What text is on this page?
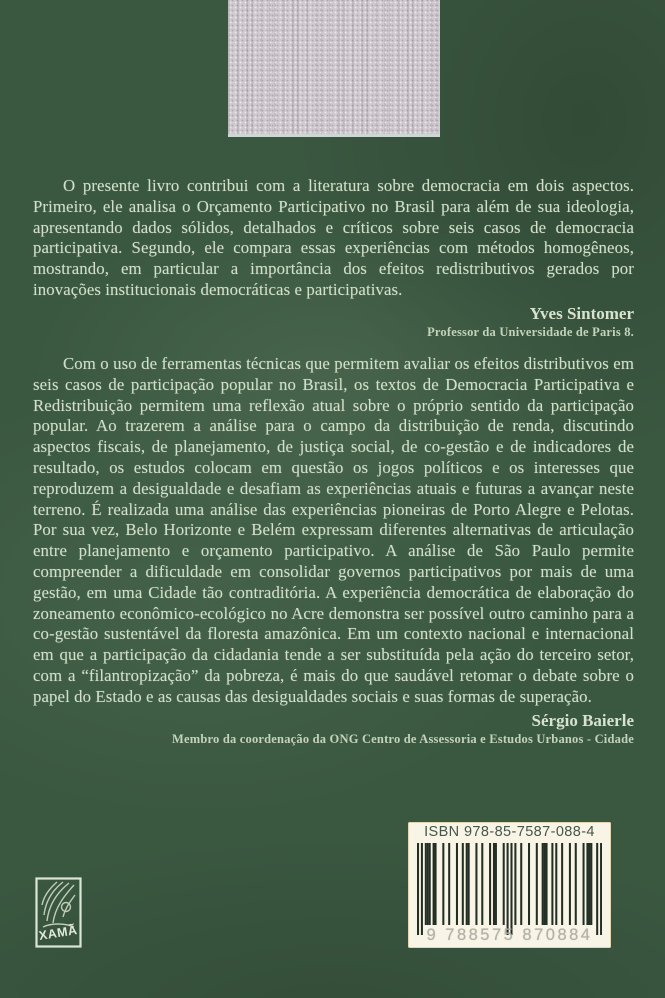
O presente livro contribui com a literatura sobre democracia em dois aspectos. Primeiro, ele analisa o Orçamento Participativo no Brasil para além de sua ideologia, apresentando dados sólidos, detalhados e críticos sobre seis casos de democracia participativa. Segundo, ele compara essas experiências com métodos homogêneos, mostrando, em particular a importância dos efeitos redistributivos gerados por inovações institucionais democráticas e participativas.

Yves Sintomer
Professor da Universidade de Paris 8.

Com o uso de ferramentas técnicas que permitem avaliar os efeitos distributivos em seis casos de participação popular no Brasil, os textos de Democracia Participativa e Redistribuição permitem uma reflexão atual sobre o próprio sentido da participação popular. Ao trazerem a análise para o campo da distribuição de renda, discutindo aspectos fiscais, de planejamento, de justiça social, de co-gestão e de indicadores de resultado, os estudos colocam em questão os jogos políticos e os interesses que reproduzem a desigualdade e desafiam as experiências atuais e futuras a avançar neste terreno. É realizada uma análise das experiências pioneiras de Porto Alegre e Pelotas. Por sua vez, Belo Horizonte e Belém expressam diferentes alternativas de articulação entre planejamento e orçamento participativo. A análise de São Paulo permite compreender a dificuldade em consolidar governos participativos por mais de uma gestão, em uma Cidade tão contraditória. A experiência democrática de elaboração do zoneamento econômico-ecológico no Acre demonstra ser possível outro caminho para a co-gestão sustentável da floresta amazônica. Em um contexto nacional e internacional em que a participação da cidadania tende a ser substituída pela ação do terceiro setor, com a “filantropização” da pobreza, é mais do que saudável retomar o debate sobre o papel do Estado e as causas das desigualdades sociais e suas formas de superação.

Sérgio Baierle
Membro da coordenação da ONG Centro de Assessoria e Estudos Urbanos - Cidade
XAMÃ
ISBN 978-85-7587-088-4
9 788575 870884
